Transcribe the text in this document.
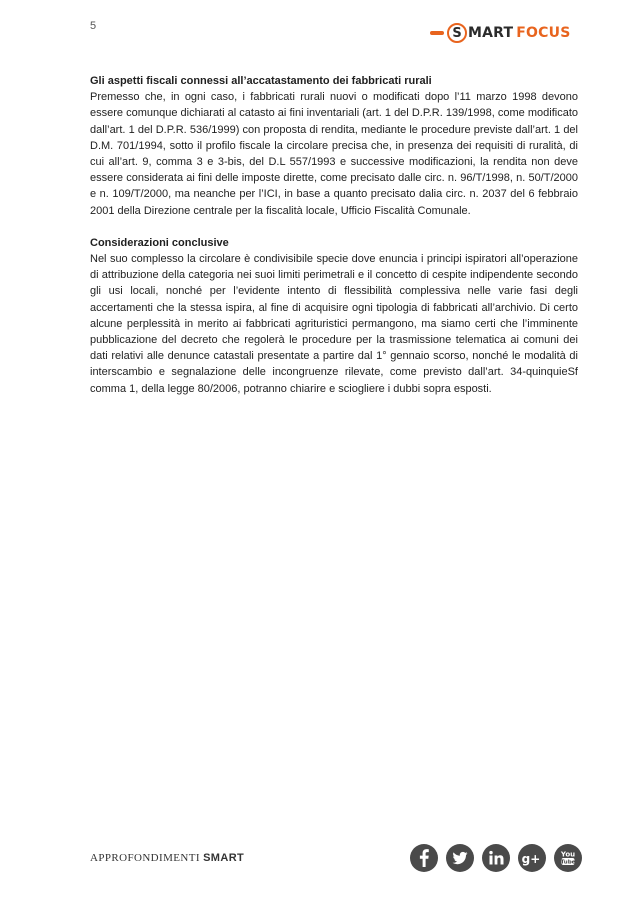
5	S MART FOCUS

Gli aspetti fiscali connessi all’accatastamento dei fabbricati rurali

Premesso che, in ogni caso, i fabbricati rurali nuovi o modificati dopo l’11 marzo 1998 devono essere comunque dichiarati al catasto ai fini inventariali (art. 1 del D.P.R. 139/1998, come modificato dall’art. 1 del D.P.R. 536/1999) con proposta di rendita, mediante le procedure previste dall’art. 1 del D.M. 701/1994, sotto il profilo fiscale la circolare precisa che, in presenza dei requisiti di ruralità, di cui all’art. 9, comma 3 e 3-bis, del D.L 557/1993 e successive modificazioni, la rendita non deve essere considerata ai fini delle imposte dirette, come precisato dalle circ. n. 96/T/1998, n. 50/T/2000 e n. 109/T/2000, ma neanche per l’ICI, in base a quanto precisato dalia circ. n. 2037 del 6 febbraio 2001 della Direzione centrale per la fiscalità locale, Ufficio Fiscalità Comunale.

Considerazioni conclusive

Nel suo complesso la circolare è condivisibile specie dove enuncia i principi ispiratori all’operazione di attribuzione della categoria nei suoi limiti perimetrali e il concetto di cespite indipendente secondo gli usi locali, nonché per l’evidente intento di flessibilità complessiva nelle varie fasi degli accertamenti che la stessa ispira, al fine di acquisire ogni tipologia di fabbricati all’archivio. Di certo alcune perplessità in merito ai fabbricati agrituristici permangono, ma siamo certi che l’imminente pubblicazione del decreto che regolerà le procedure per la trasmissione telematica ai comuni dei dati relativi alle denunce catastali presentate a partire dal 1° gennaio scorso, nonché le modalità di interscambio e segnalazione delle incongruenze rilevate, come previsto dall’art. 34-quinquieSf comma 1, della legge 80/2006, potranno chiarire e sciogliere i dubbi sopra esposti.

APPROFONDIMENTI SMART	g+	You
Tube
